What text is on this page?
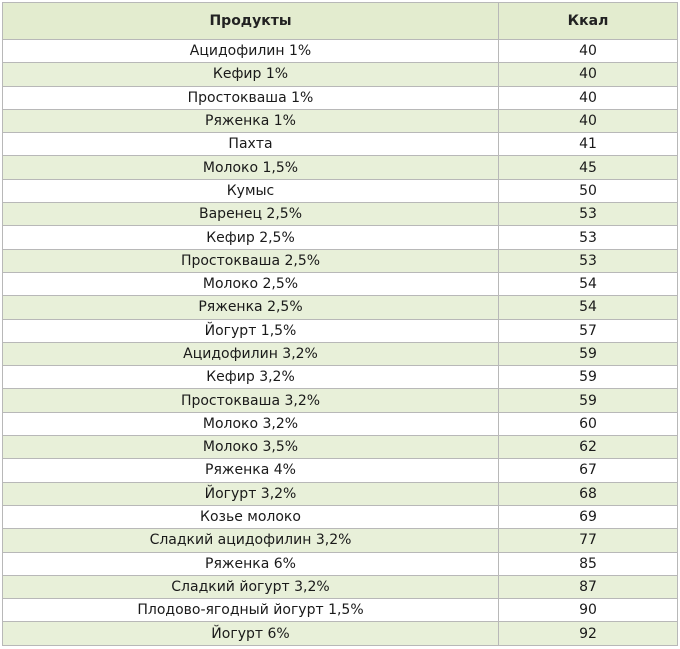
Продукты	Ккал
Ацидофилин 1%	40
Кефир 1%	40
Простокваша 1%	40
Ряженка 1%	40
Пахта	41
Молоко 1,5%	45
Кумыс	50
Варенец 2,5%	53
Кефир 2,5%	53
Простокваша 2,5%	53
Молоко 2,5%	54
Ряженка 2,5%	54
Йогурт 1,5%	57
Ацидофилин 3,2%	59
Кефир 3,2%	59
Простокваша 3,2%	59
Молоко 3,2%	60
Молоко 3,5%	62
Ряженка 4%	67
Йогурт 3,2%	68
Козье молоко	69
Сладкий ацидофилин 3,2%	77
Ряженка 6%	85
Сладкий йогурт 3,2%	87
Плодово-ягодный йогурт 1,5%	90
Йогурт 6%	92
